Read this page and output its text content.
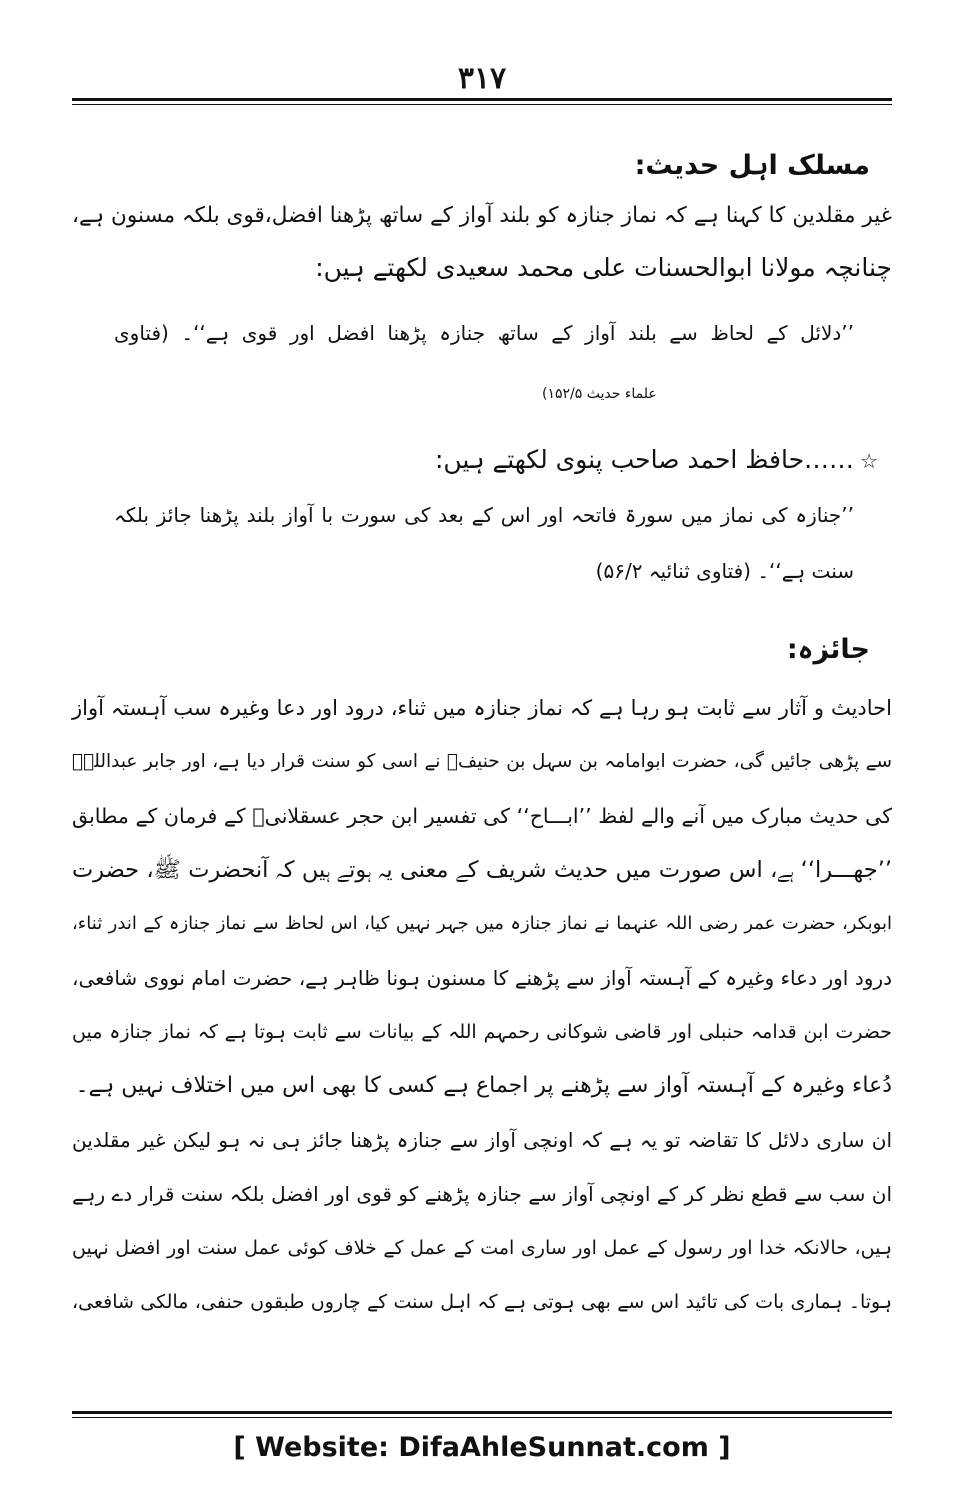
۳۱۷
مسلک اہل حدیث:
غیر مقلدین کا کہنا ہے کہ نماز جنازہ کو بلند آواز کے ساتھ پڑھنا افضل،قوی بلکہ مسنون ہے،
چنانچہ مولانا ابوالحسنات علی محمد سعیدی لکھتے ہیں:
’’دلائل کے لحاظ سے بلند آواز کے ساتھ جنازہ پڑھنا افضل اور قوی ہے‘‘۔ (فتاوی
علماء حدیث ۱۵۲/۵)
☆……حافظ احمد صاحب پنوی لکھتے ہیں:
’’جنازہ کی نماز میں سورۃ فاتحہ اور اس کے بعد کی سورت با آواز بلند پڑھنا جائز بلکہ
سنت ہے‘‘۔ (فتاوی ثنائیہ ۵۶/۲)
جائزہ:
احادیث و آثار سے ثابت ہو رہا ہے کہ نماز جنازہ میں ثناء، درود اور دعا وغیرہ سب آہستہ آواز
سے پڑھی جائیں گی، حضرت ابوامامہ بن سہل بن حنیفؓ نے اسی کو سنت قرار دیا ہے، اور جابر عبداللہؓ
کی حدیث مبارک میں آنے والے لفظ ’’ابـــاح‘‘ کی تفسیر ابن حجر عسقلانیؒ کے فرمان کے مطابق
’’جھـــرا‘‘ ہے، اس صورت میں حدیث شریف کے معنی یہ ہوتے ہیں کہ آنحضرت ﷺ، حضرت
ابوبکر، حضرت عمر رضی اللہ عنہما نے نماز جنازہ میں جہر نہیں کیا، اس لحاظ سے نماز جنازہ کے اندر ثناء،
درود اور دعاء وغیرہ کے آہستہ آواز سے پڑھنے کا مسنون ہونا ظاہر ہے، حضرت امام نووی شافعی،
حضرت ابن قدامہ حنبلی اور قاضی شوکانی رحمہم اللہ کے بیانات سے ثابت ہوتا ہے کہ نماز جنازہ میں
دُعاء وغیرہ کے آہستہ آواز سے پڑھنے پر اجماع ہے کسی کا بھی اس میں اختلاف نہیں ہے۔
ان ساری دلائل کا تقاضہ تو یہ ہے کہ اونچی آواز سے جنازہ پڑھنا جائز ہی نہ ہو لیکن غیر مقلدین
ان سب سے قطع نظر کر کے اونچی آواز سے جنازہ پڑھنے کو قوی اور افضل بلکہ سنت قرار دے رہے
ہیں، حالانکہ خدا اور رسول کے عمل اور ساری امت کے عمل کے خلاف کوئی عمل سنت اور افضل نہیں
ہوتا۔ ہماری بات کی تائید اس سے بھی ہوتی ہے کہ اہل سنت کے چاروں طبقوں حنفی، مالکی شافعی،
[ Website: DifaAhleSunnat.com ]
